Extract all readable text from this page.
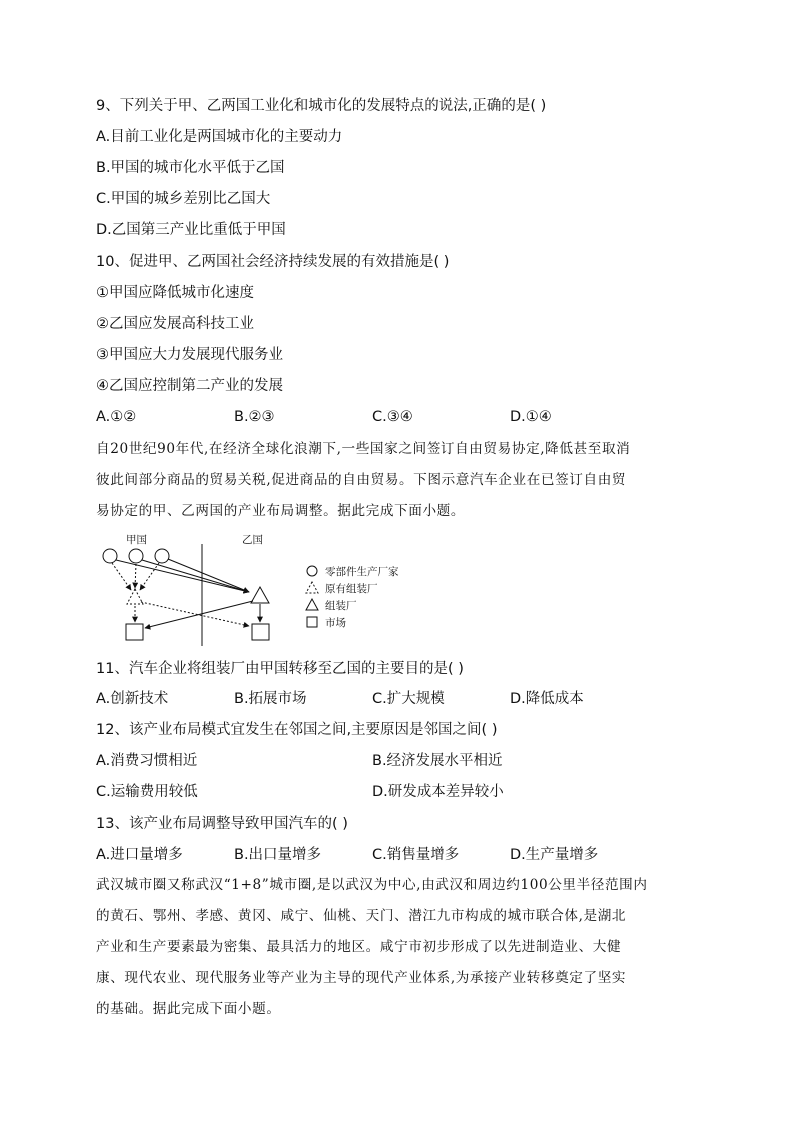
9、下列关于甲、乙两国工业化和城市化的发展特点的说法,正确的是( )
A.目前工业化是两国城市化的主要动力
B.甲国的城市化水平低于乙国
C.甲国的城乡差别比乙国大
D.乙国第三产业比重低于甲国
10、促进甲、乙两国社会经济持续发展的有效措施是( )
①甲国应降低城市化速度
②乙国应发展高科技工业
③甲国应大力发展现代服务业
④乙国应控制第二产业的发展
A.①②	B.②③	C.③④	D.①④
自20世纪90年代,在经济全球化浪潮下,一些国家之间签订自由贸易协定,降低甚至取消
彼此间部分商品的贸易关税,促进商品的自由贸易。下图示意汽车企业在已签订自由贸
易协定的甲、乙两国的产业布局调整。据此完成下面小题。
甲国	乙国
零部件生产厂家
原有组装厂
组装厂
市场
11、汽车企业将组装厂由甲国转移至乙国的主要目的是( )
A.创新技术	B.拓展市场	C.扩大规模	D.降低成本
12、该产业布局模式宜发生在邻国之间,主要原因是邻国之间( )
A.消费习惯相近	B.经济发展水平相近
C.运输费用较低	D.研发成本差异较小
13、该产业布局调整导致甲国汽车的( )
A.进口量增多	B.出口量增多	C.销售量增多	D.生产量增多
武汉城市圈又称武汉“1+8”城市圈,是以武汉为中心,由武汉和周边约100公里半径范围内
的黄石、鄂州、孝感、黄冈、咸宁、仙桃、天门、潜江九市构成的城市联合体,是湖北
产业和生产要素最为密集、最具活力的地区。咸宁市初步形成了以先进制造业、大健
康、现代农业、现代服务业等产业为主导的现代产业体系,为承接产业转移奠定了坚实
的基础。据此完成下面小题。
